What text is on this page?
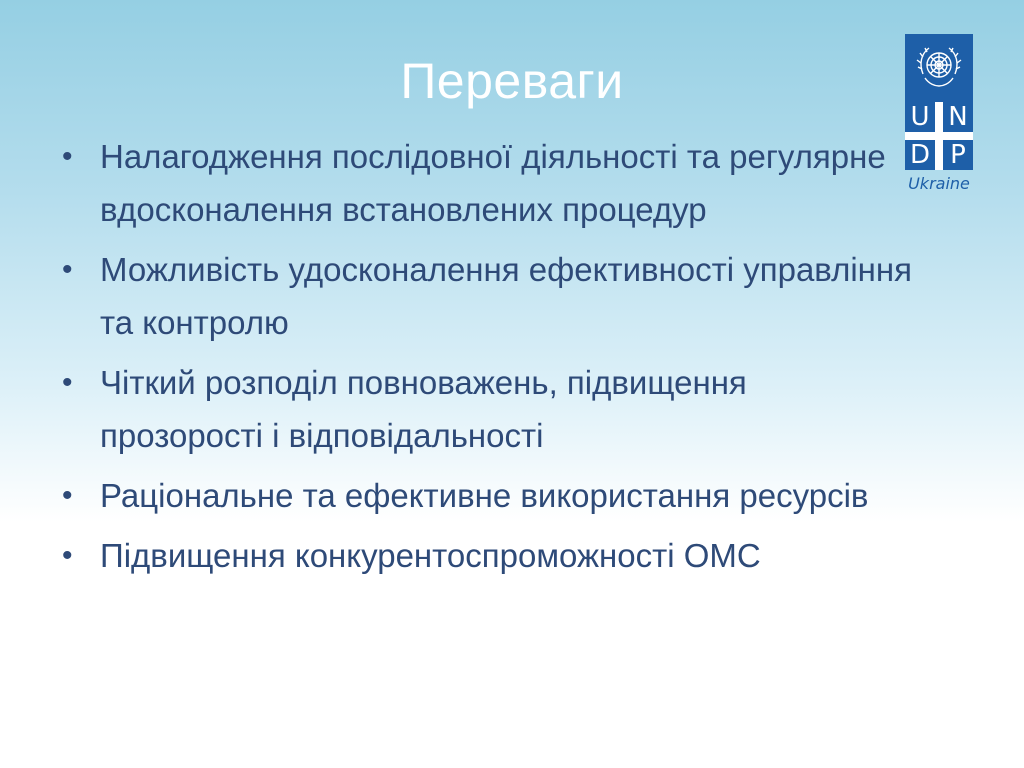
Переваги
U N
D P
Ukraine
• Налагодження послідовної діяльності та регулярне вдосконалення встановлених процедур
• Можливість удосконалення ефективності управління та контролю
• Чіткий розподіл повноважень, підвищення прозорості і відповідальності
• Раціональне та ефективне використання ресурсів
• Підвищення конкурентоспроможності ОМС
